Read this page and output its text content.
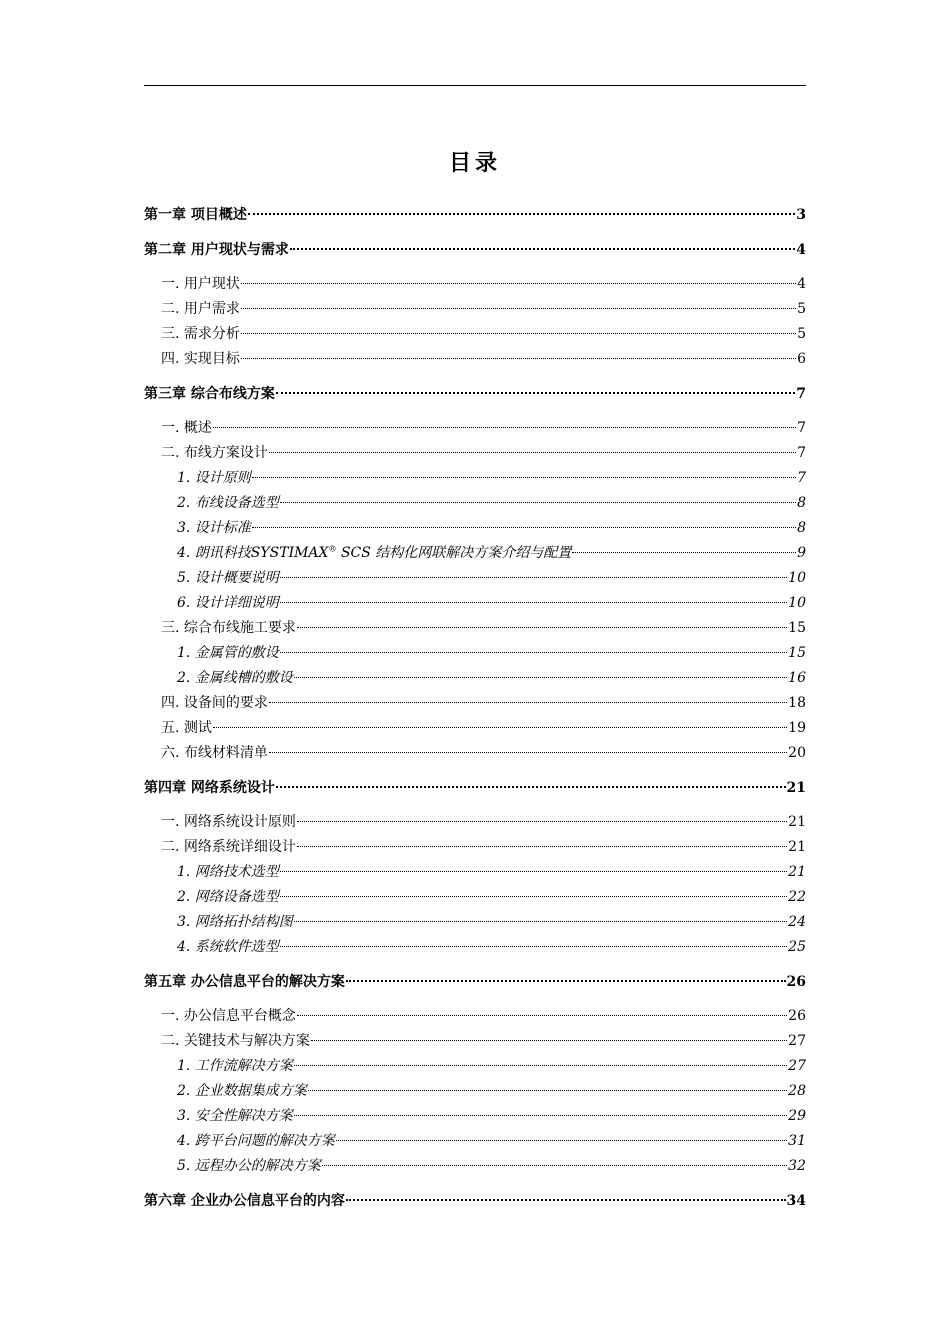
目录
第一章 项目概述	3
第二章 用户现状与需求	4
一. 用户现状	4
二. 用户需求	5
三. 需求分析	5
四. 实现目标	6
第三章 综合布线方案	7
一. 概述	7
二. 布线方案设计	7
1. 设计原则	7
2. 布线设备选型	8
3. 设计标准	8
4. 朗讯科技SYSTIMAX® SCS 结构化网联解决方案介绍与配置	9
5. 设计概要说明	10
6. 设计详细说明	10
三. 综合布线施工要求	15
1. 金属管的敷设	15
2. 金属线槽的敷设	16
四. 设备间的要求	18
五. 测试	19
六. 布线材料清单	20
第四章 网络系统设计	21
一. 网络系统设计原则	21
二. 网络系统详细设计	21
1. 网络技术选型	21
2. 网络设备选型	22
3. 网络拓扑结构图	24
4. 系统软件选型	25
第五章 办公信息平台的解决方案	26
一. 办公信息平台概念	26
二. 关键技术与解决方案	27
1. 工作流解决方案	27
2. 企业数据集成方案	28
3. 安全性解决方案	29
4. 跨平台问题的解决方案	31
5. 远程办公的解决方案	32
第六章 企业办公信息平台的内容	34
